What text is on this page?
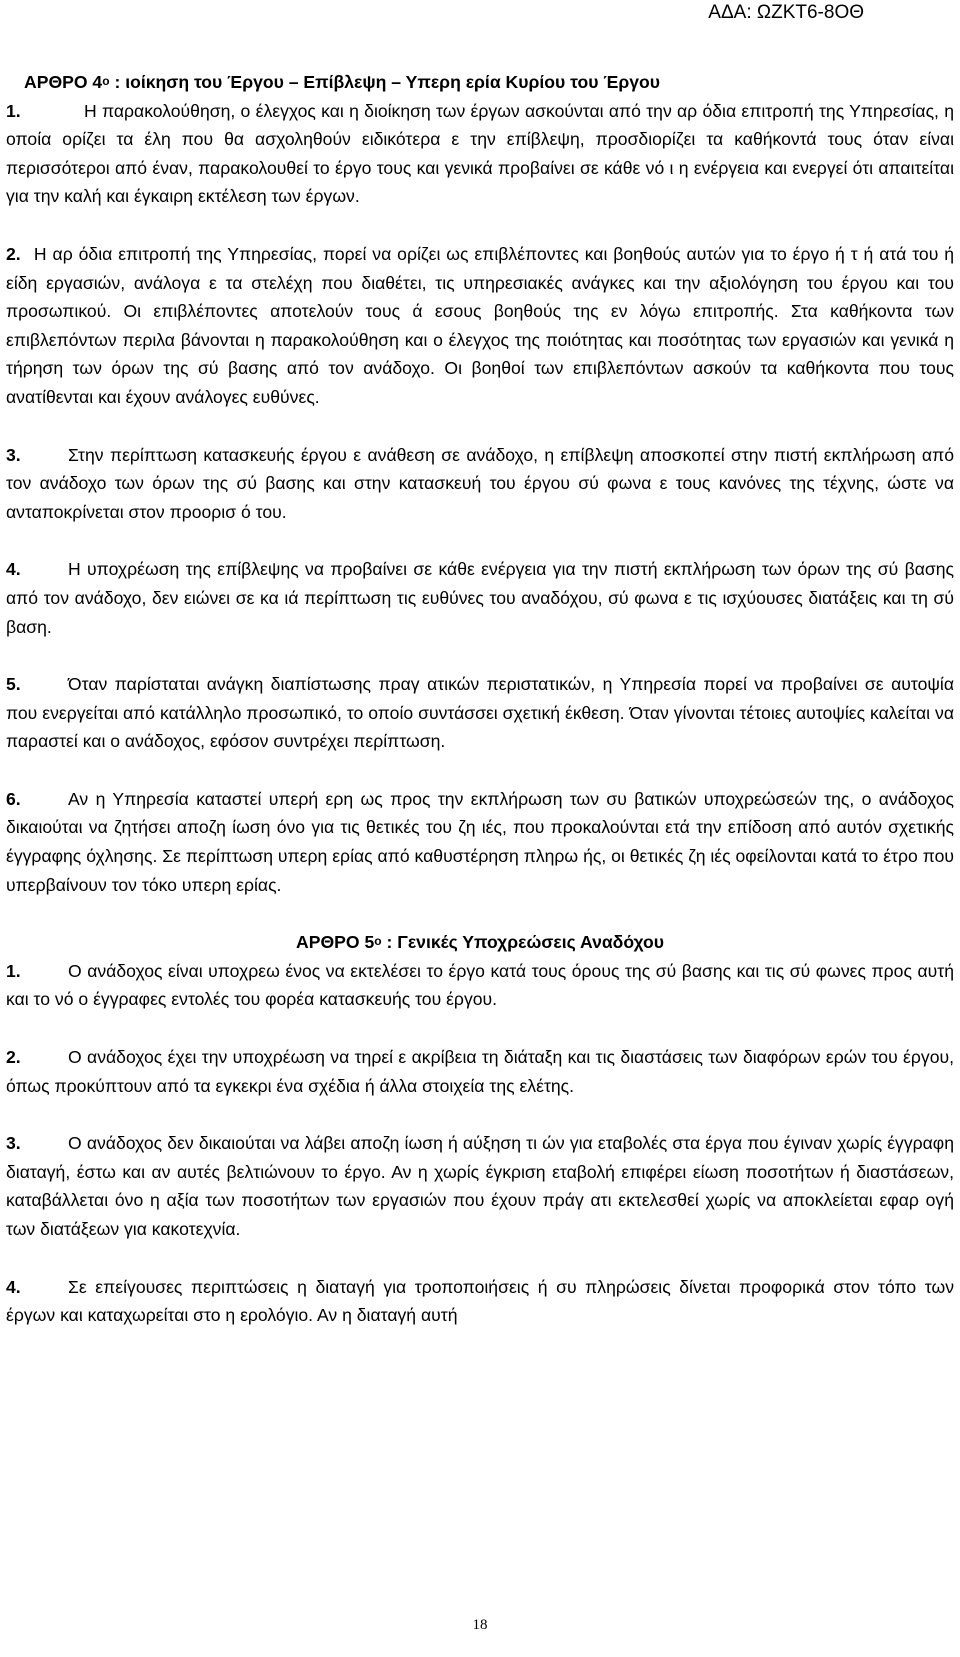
ΑΔΑ: ΩΖΚΤ6-8ΟΘ
ΑΡΘΡΟ $4^o$ : ιοίκηση του Έργου – Επίβλεψη – Υπερη ερία Κυρίου του Έργου

1.	Η παρακολούθηση, ο έλεγχος και η διοίκηση των έργων ασκούνται από την αρ όδια επιτροπή της Υπηρεσίας, η οποία ορίζει τα έλη που θα ασχοληθούν ειδικότερα ε την επίβλεψη, προσδιορίζει τα καθήκοντά τους όταν είναι περισσότεροι από έναν, παρακολουθεί το έργο τους και γενικά προβαίνει σε κάθε νό ι η ενέργεια και ενεργεί ότι απαιτείται για την καλή και έγκαιρη εκτέλεση των έργων.

2. Η αρ όδια επιτροπή της Υπηρεσίας, πορεί να ορίζει ως επιβλέποντες και βοηθούς αυτών για το έργο ή τ ή ατά του ή είδη εργασιών, ανάλογα ε τα στελέχη που διαθέτει, τις υπηρεσιακές ανάγκες και την αξιολόγηση του έργου και του προσωπικού. Οι επιβλέποντες αποτελούν τους ά εσους βοηθούς της εν λόγω επιτροπής. Στα καθήκοντα των επιβλεπόντων περιλα βάνονται η παρακολούθηση και ο έλεγχος της ποιότητας και ποσότητας των εργασιών και γενικά η τήρηση των όρων της σύ βασης από τον ανάδοχο. Οι βοηθοί των επιβλεπόντων ασκούν τα καθήκοντα που τους ανατίθενται και έχουν ανάλογες ευθύνες.

3.	Στην περίπτωση κατασκευής έργου ε ανάθεση σε ανάδοχο, η επίβλεψη αποσκοπεί στην πιστή εκπλήρωση από τον ανάδοχο των όρων της σύ βασης και στην κατασκευή του έργου σύ φωνα ε τους κανόνες της τέχνης, ώστε να ανταποκρίνεται στον προορισ ό του.

4.	Η υποχρέωση της επίβλεψης να προβαίνει σε κάθε ενέργεια για την πιστή εκπλήρωση των όρων της σύ βασης από τον ανάδοχο, δεν ειώνει σε κα ιά περίπτωση τις ευθύνες του αναδόχου, σύ φωνα ε τις ισχύουσες διατάξεις και τη σύ βαση.

5.	Όταν παρίσταται ανάγκη διαπίστωσης πραγ ατικών περιστατικών, η Υπηρεσία πορεί να προβαίνει σε αυτοψία που ενεργείται από κατάλληλο προσωπικό, το οποίο συντάσσει σχετική έκθεση. Όταν γίνονται τέτοιες αυτοψίες καλείται να παραστεί και ο ανάδοχος, εφόσον συντρέχει περίπτωση.

6.	Αν η Υπηρεσία καταστεί υπερή ερη ως προς την εκπλήρωση των συ βατικών υποχρεώσεών της, ο ανάδοχος δικαιούται να ζητήσει αποζη ίωση όνο για τις θετικές του ζη ιές, που προκαλούνται ετά την επίδοση από αυτόν σχετικής έγγραφης όχλησης. Σε περίπτωση υπερη ερίας από καθυστέρηση πληρω ής, οι θετικές ζη ιές οφείλονται κατά το έτρο που υπερβαίνουν τον τόκο υπερη ερίας.

ΑΡΘΡΟ $5^o$ : Γενικές Υποχρεώσεις Αναδόχου

1.	Ο ανάδοχος είναι υποχρεω ένος να εκτελέσει το έργο κατά τους όρους της σύ βασης και τις σύ φωνες προς αυτή και το νό ο έγγραφες εντολές του φορέα κατασκευής του έργου.

2.	Ο ανάδοχος έχει την υποχρέωση να τηρεί ε ακρίβεια τη διάταξη και τις διαστάσεις των διαφόρων ερών του έργου, όπως προκύπτουν από τα εγκεκρι ένα σχέδια ή άλλα στοιχεία της ελέτης.

3.	Ο ανάδοχος δεν δικαιούται να λάβει αποζη ίωση ή αύξηση τι ών για εταβολές στα έργα που έγιναν χωρίς έγγραφη διαταγή, έστω και αν αυτές βελτιώνουν το έργο. Αν η χωρίς έγκριση εταβολή επιφέρει είωση ποσοτήτων ή διαστάσεων, καταβάλλεται όνο η αξία των ποσοτήτων των εργασιών που έχουν πράγ ατι εκτελεσθεί χωρίς να αποκλείεται εφαρ ογή των διατάξεων για κακοτεχνία.

4.	Σε επείγουσες περιπτώσεις η διαταγή για τροποποιήσεις ή συ πληρώσεις δίνεται προφορικά στον τόπο των έργων και καταχωρείται στο η ερολόγιο. Αν η διαταγή αυτή

18
